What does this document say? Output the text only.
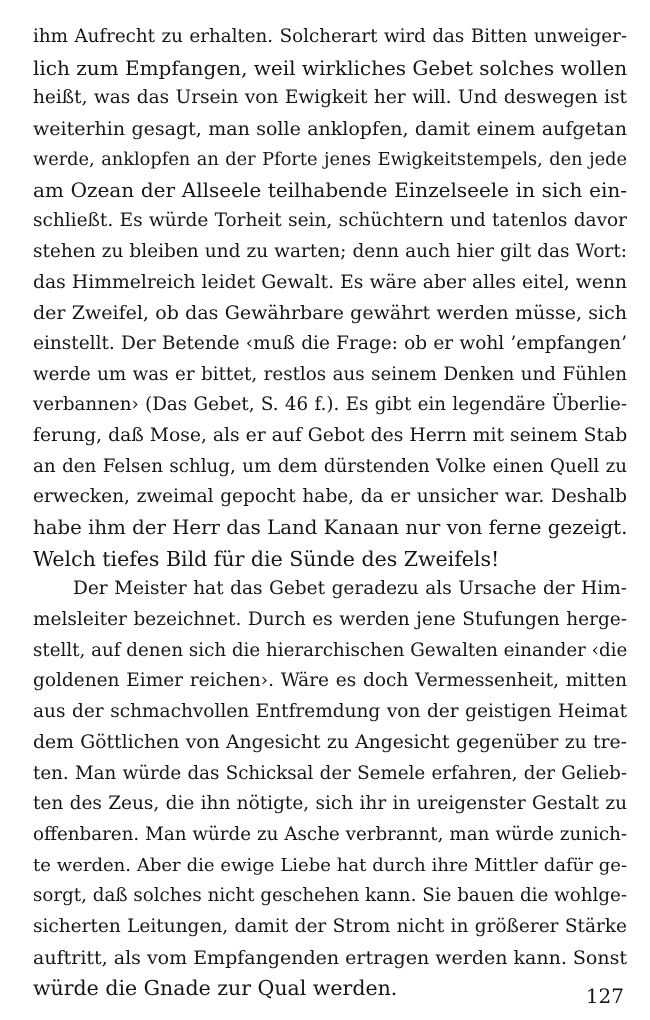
ihm Aufrecht zu erhalten. Solcherart wird das Bitten unweiger-
lich zum Empfangen, weil wirkliches Gebet solches wollen
heißt, was das Ursein von Ewigkeit her will. Und deswegen ist
weiterhin gesagt, man solle anklopfen, damit einem aufgetan
werde, anklopfen an der Pforte jenes Ewigkeitstempels, den jede
am Ozean der Allseele teilhabende Einzelseele in sich ein-
schließt. Es würde Torheit sein, schüchtern und tatenlos davor
stehen zu bleiben und zu warten; denn auch hier gilt das Wort:
das Himmelreich leidet Gewalt. Es wäre aber alles eitel, wenn
der Zweifel, ob das Gewährbare gewährt werden müsse, sich
einstellt. Der Betende ‹muß die Frage: ob er wohl ’empfangen’
werde um was er bittet, restlos aus seinem Denken und Fühlen
verbannen› (Das Gebet, S. 46 f.). Es gibt ein legendäre Überlie-
ferung, daß Mose, als er auf Gebot des Herrn mit seinem Stab
an den Felsen schlug, um dem dürstenden Volke einen Quell zu
erwecken, zweimal gepocht habe, da er unsicher war. Deshalb
habe ihm der Herr das Land Kanaan nur von ferne gezeigt.
Welch tiefes Bild für die Sünde des Zweifels!
Der Meister hat das Gebet geradezu als Ursache der Him-
melsleiter bezeichnet. Durch es werden jene Stufungen herge-
stellt, auf denen sich die hierarchischen Gewalten einander ‹die
goldenen Eimer reichen›. Wäre es doch Vermessenheit, mitten
aus der schmachvollen Entfremdung von der geistigen Heimat
dem Göttlichen von Angesicht zu Angesicht gegenüber zu tre-
ten. Man würde das Schicksal der Semele erfahren, der Geliеb-
ten des Zeus, die ihn nötigte, sich ihr in ureigenster Gestalt zu
offenbaren. Man würde zu Asche verbrannt, man würde zunich-
te werden. Aber die ewige Liebe hat durch ihre Mittler dafür ge-
sorgt, daß solches nicht geschehen kann. Sie bauen die wohlge-
sicherten Leitungen, damit der Strom nicht in größerer Stärke
auftritt, als vom Empfangenden ertragen werden kann. Sonst
würde die Gnade zur Qual werden.	127
